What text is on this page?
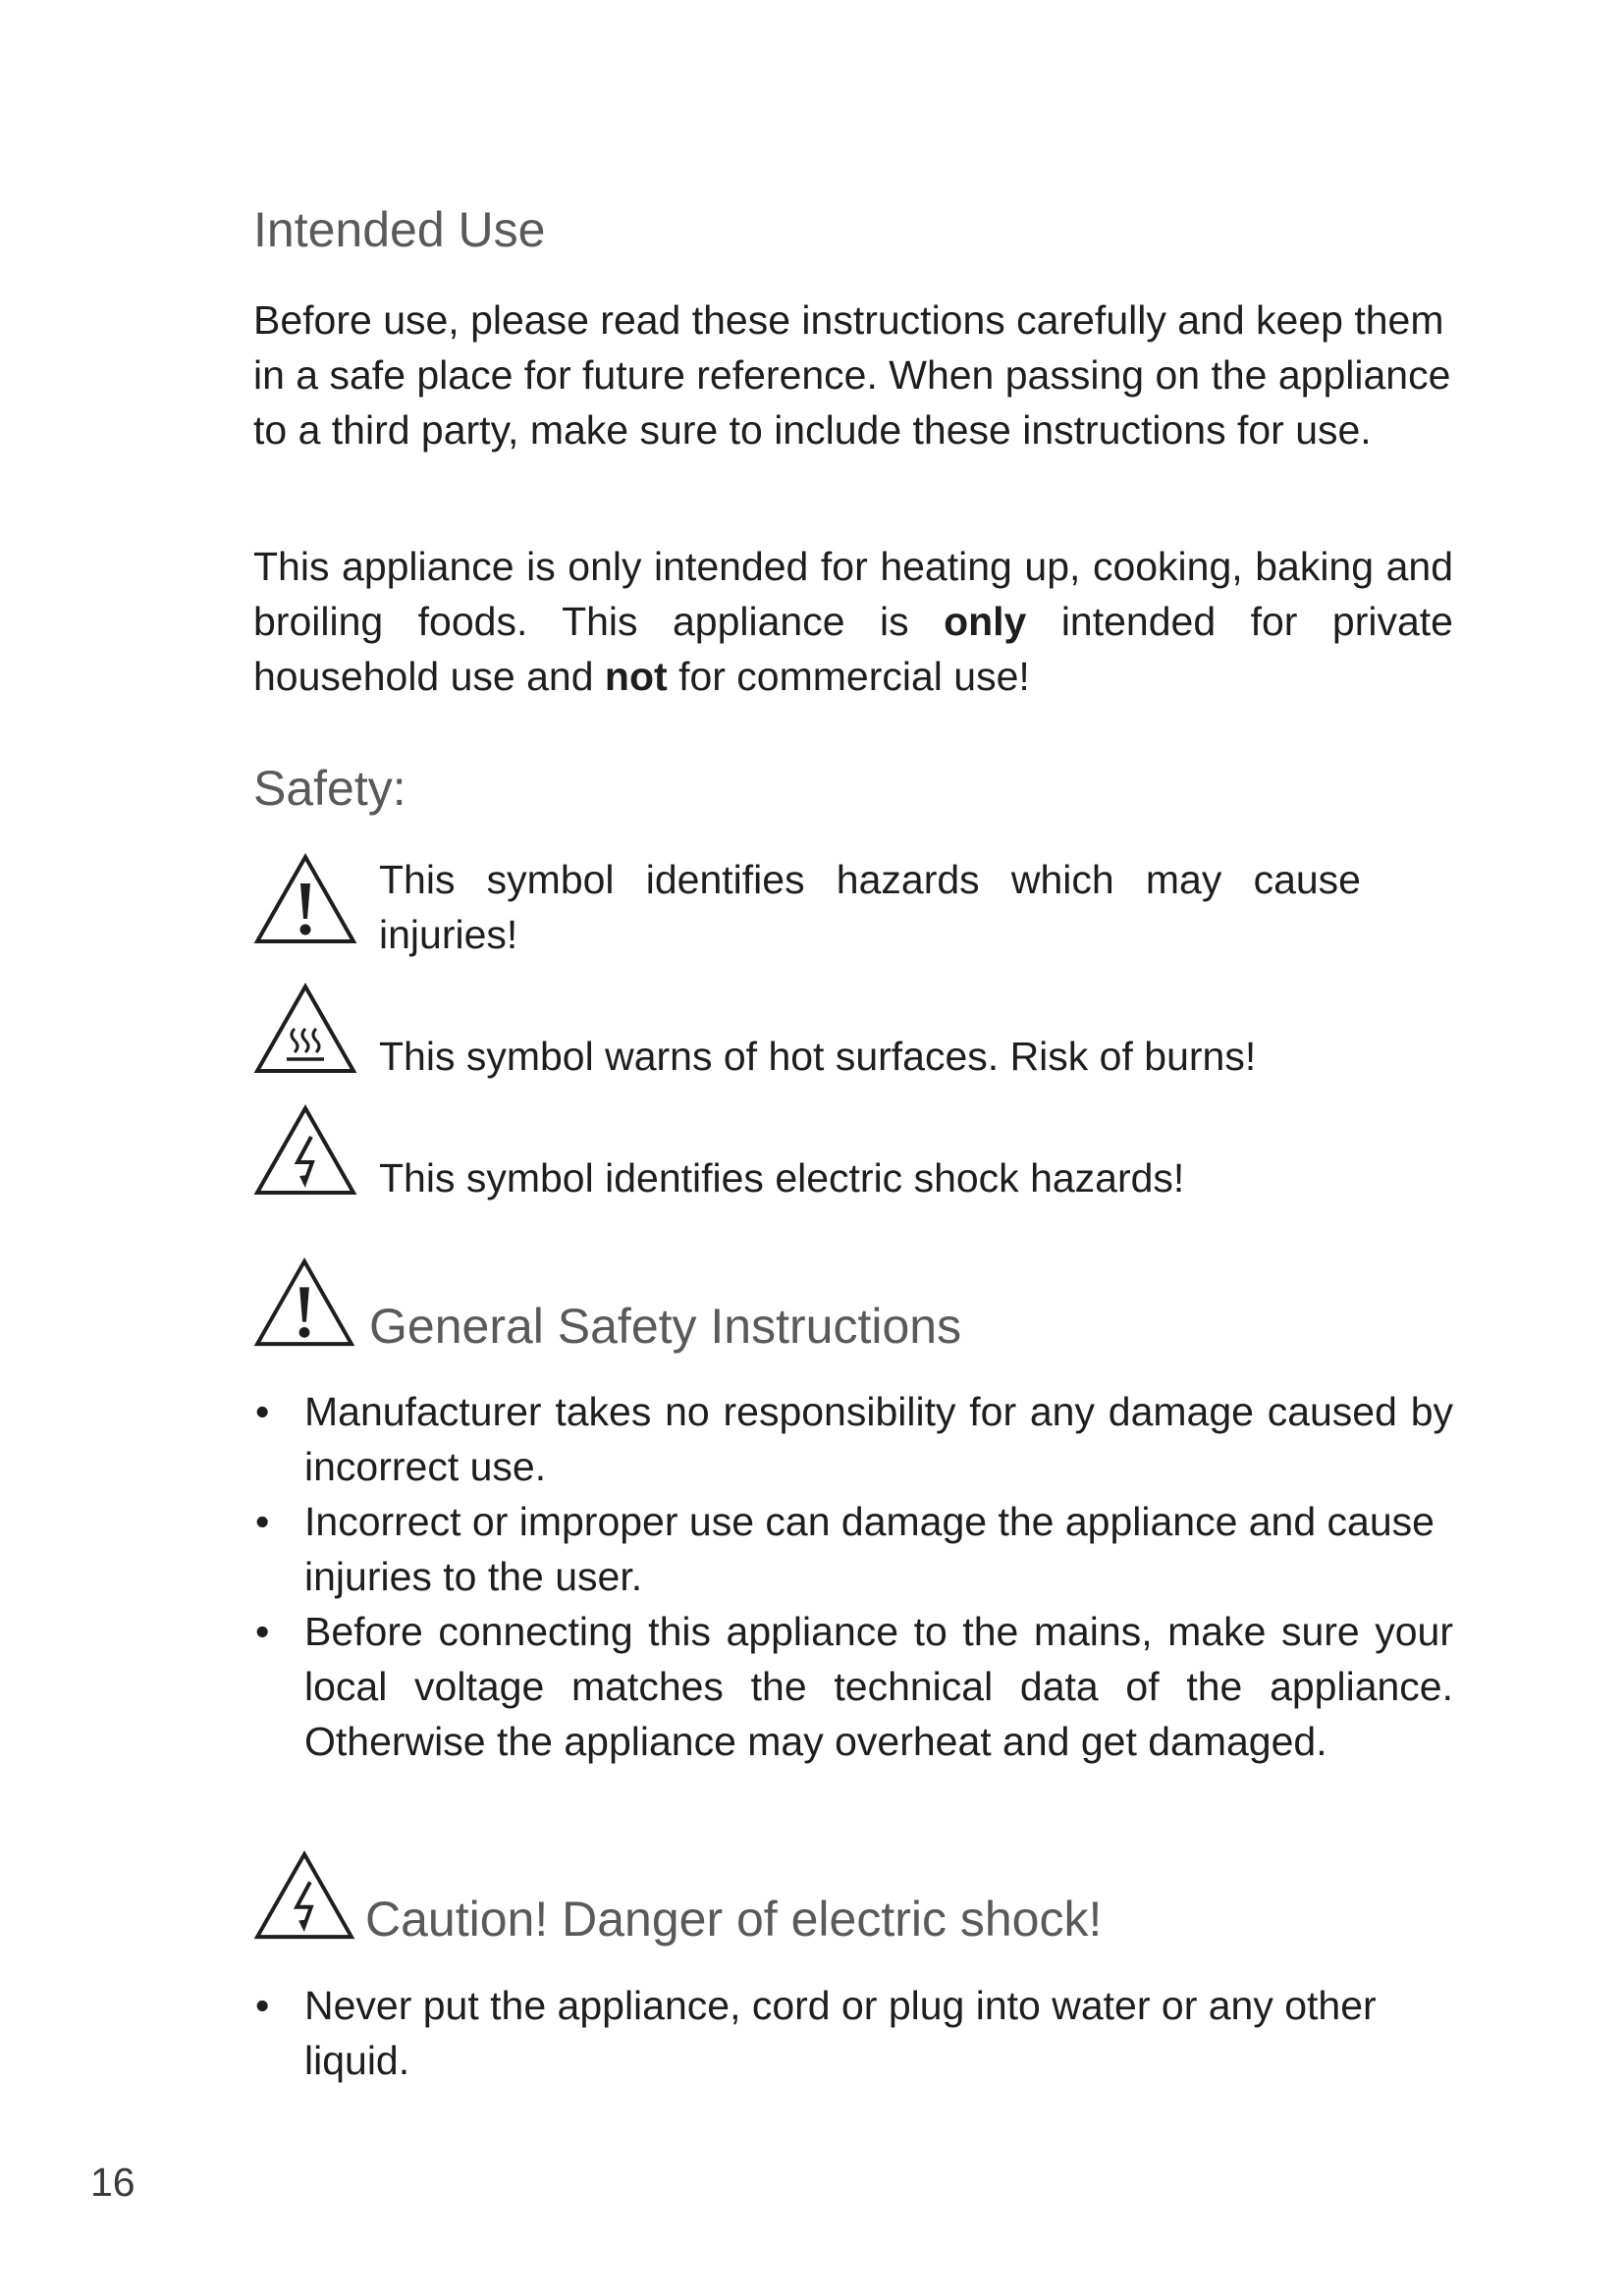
Intended Use

Before use, please read these instructions carefully and keep them in a safe place for future reference. When passing on the appliance to a third party, make sure to include these instructions for use.

This appliance is only intended for heating up, cooking, baking and broiling foods. This appliance is only intended for private household use and not for commercial use!

Safety:

This symbol identifies hazards which may cause injuries!

This symbol warns of hot surfaces. Risk of burns!

This symbol identifies electric shock hazards!

General Safety Instructions
• Manufacturer takes no responsibility for any damage caused by incorrect use.
• Incorrect or improper use can damage the appliance and cause injuries to the user.
• Before connecting this appliance to the mains, make sure your local voltage matches the technical data of the appliance. Otherwise the appliance may overheat and get damaged.
Caution! Danger of electric shock!
• Never put the appliance, cord or plug into water or any other liquid.
16
